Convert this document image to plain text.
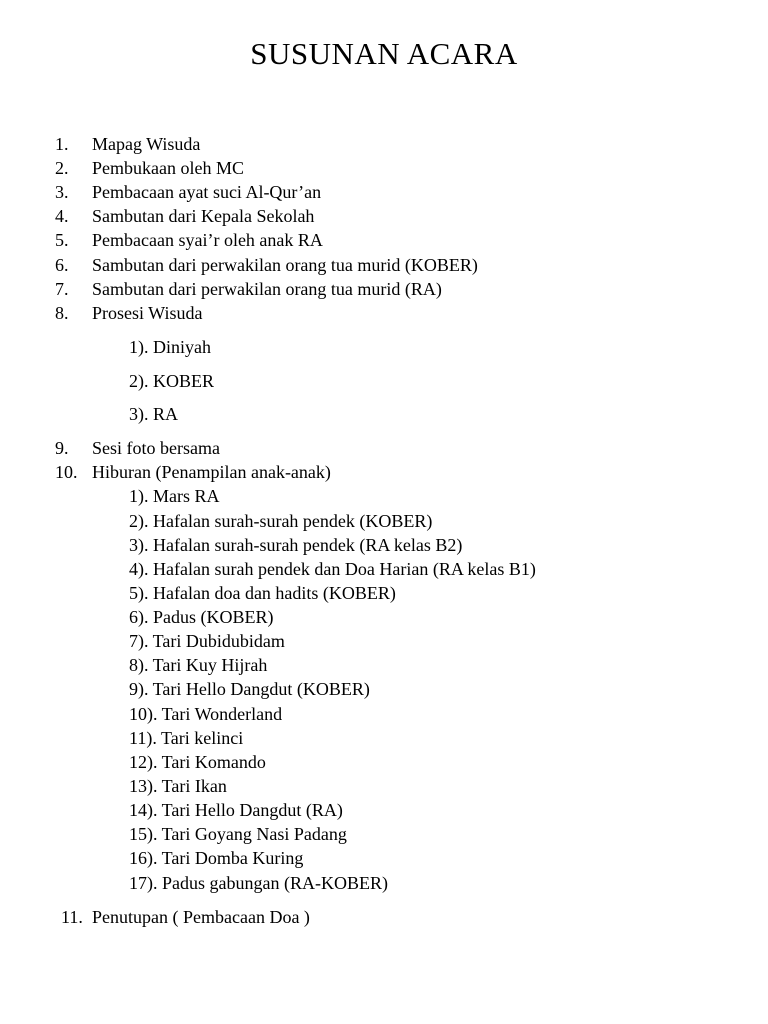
SUSUNAN ACARA
1. Mapag Wisuda
2. Pembukaan oleh MC
3. Pembacaan ayat suci Al-Qur’an
4. Sambutan dari Kepala Sekolah
5. Pembacaan syai’r oleh anak RA
6. Sambutan dari perwakilan orang tua murid (KOBER)
7. Sambutan dari perwakilan orang tua murid (RA)
8. Prosesi Wisuda
1). Diniyah
2). KOBER
3). RA
9. Sesi foto bersama
10. Hiburan (Penampilan anak-anak)
1). Mars RA
2). Hafalan surah-surah pendek (KOBER)
3). Hafalan surah-surah pendek (RA kelas B2)
4). Hafalan surah pendek dan Doa Harian (RA kelas B1)
5). Hafalan doa dan hadits (KOBER)
6). Padus (KOBER)
7). Tari Dubidubidam
8). Tari Kuy Hijrah
9). Tari Hello Dangdut (KOBER)
10). Tari Wonderland
11). Tari kelinci
12). Tari Komando
13). Tari Ikan
14). Tari Hello Dangdut (RA)
15). Tari Goyang Nasi Padang
16). Tari Domba Kuring
17). Padus gabungan (RA-KOBER)
11. Penutupan ( Pembacaan Doa )
